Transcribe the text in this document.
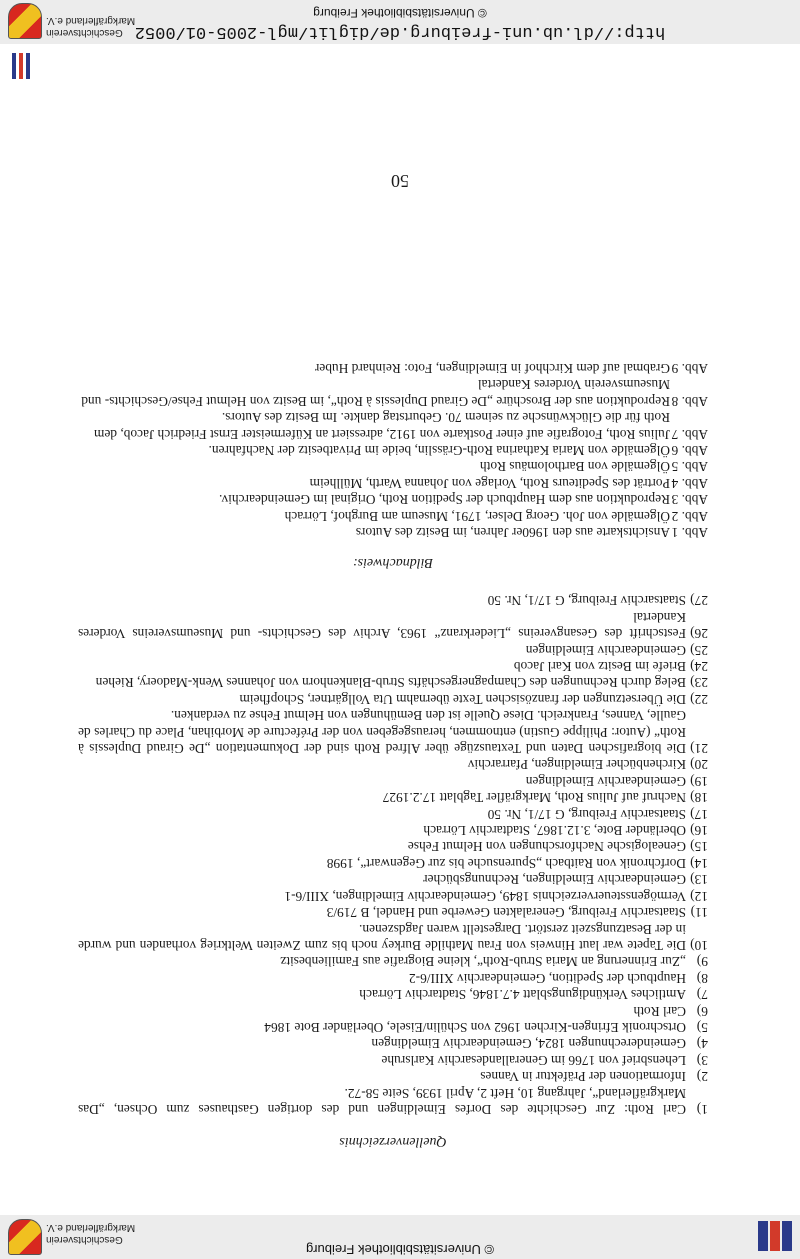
© Universitätsbibliothek Freiburg
Geschichtsverein
Markgräflerland e.V.
Quellenverzeichnis
1)
Carl Roth: Zur Geschichte des Dorfes Eimeldingen und des dortigen Gasthauses zum Ochsen, „Das Markgräflerland“, Jahrgang 10, Heft 2, April 1939, Seite 58-72.
2)
Informationen der Präfektur in Vannes
3)
Lehensbrief von 1766 im Generallandesarchiv Karlsruhe
4)
Gemeinderechnungen 1824, Gemeindearchiv Eimeldingen
5)
Ortschronik Efringen-Kirchen 1962 von Schülin/Eisele, Oberländer Bote 1864
6)
Carl Roth
7)
Amtliches Verkündigungsblatt 4.7.1846, Stadtarchiv Lörrach
8)
Hauptbuch der Spedition, Gemeindearchiv XIII/6-2
9)
„Zur Erinnerung an Maria Strub-Roth“, kleine Biografie aus Familienbesitz
10)
Die Tapete war laut Hinweis von Frau Mathilde Burkey noch bis zum Zweiten Weltkrieg vorhanden und wurde in der Besatzungszeit zerstört. Dargestellt waren Jagdszenen.
11)
Staatsarchiv Freiburg, Generalakten Gewerbe und Handel, B 719/3
12)
Vermögenssteuerverzeichnis 1849, Gemeindearchiv Eimeldingen, XIII/6-1
13)
Gemeindearchiv Eimeldingen, Rechnungsbücher
14)
Dorfchronik von Raitbach „Spurensuche bis zur Gegenwart“, 1998
15)
Genealogische Nachforschungen von Helmut Fehse
16)
Oberländer Bote, 3.12.1867, Stadtarchiv Lörrach
17)
Staatsarchiv Freiburg, G 17/1, Nr. 50
18)
Nachruf auf Julius Roth, Markgräfler Tagblatt 17.2.1927
19)
Gemeindearchiv Eimeldingen
20)
Kirchenbücher Eimeldingen, Pfarrarchiv
21)
Die biografischen Daten und Textauszüge über Alfred Roth sind der Dokumentation „De Giraud Duplessis à Roth“ (Autor: Philippe Gustin) entnommen, herausgegeben von der Préfecture de Morbihan, Place du Charles de Gaulle, Vannes, Frankreich. Diese Quelle ist den Bemühungen von Helmut Fehse zu verdanken.
22)
Die Übersetzungen der französischen Texte übernahm Uta Vollgärtner, Schopfheim
23)
Beleg durch Rechnungen des Champagnergeschäfts Strub-Blankenhorn von Johannes Wenk-Madoery, Riehen
24)
Briefe im Besitz von Karl Jacob
25)
Gemeindearchiv Eimeldingen
26)
Festschrift des Gesangvereins „Liederkranz“ 1963, Archiv des Geschichts- und Museumsvereins Vorderes Kandertal
27)
Staatsarchiv Freiburg, G 17/1, Nr. 50
Bildnachweis:
Abb. 1
Ansichtskarte aus den 1960er Jahren, im Besitz des Autors
Abb. 2
Ölgemälde von Joh. Georg Delser, 1791, Museum am Burghof, Lörrach
Abb. 3
Reproduktion aus dem Hauptbuch der Spedition Roth, Original im Gemeindearchiv.
Abb. 4
Porträt des Spediteurs Roth, Vorlage von Johanna Warth, Müllheim
Abb. 5
Ölgemälde von Bartholomäus Roth
Abb. 6
Ölgemälde von Maria Katharina Roth-Grässlin, beide im Privatbesitz der Nachfahren.
Abb. 7
Julius Roth, Fotografie auf einer Postkarte von 1912, adressiert an Küfermeister Ernst Friedrich Jacob, dem Roth für die Glückwünsche zu seinem 70. Geburtstag dankte. Im Besitz des Autors.
Abb. 8
Reproduktion aus der Broschüre „De Giraud Duplessis à Roth“, im Besitz von Helmut Fehse/Geschichts- und Museumsverein Vorderes Kandertal
Abb. 9
Grabmal auf dem Kirchhof in Eimeldingen, Foto: Reinhard Huber
50
http://dl.ub.uni-freiburg.de/diglit/mgl-2005-01/0052
© Universitätsbibliothek Freiburg
Geschichtsverein
Markgräflerland e.V.
